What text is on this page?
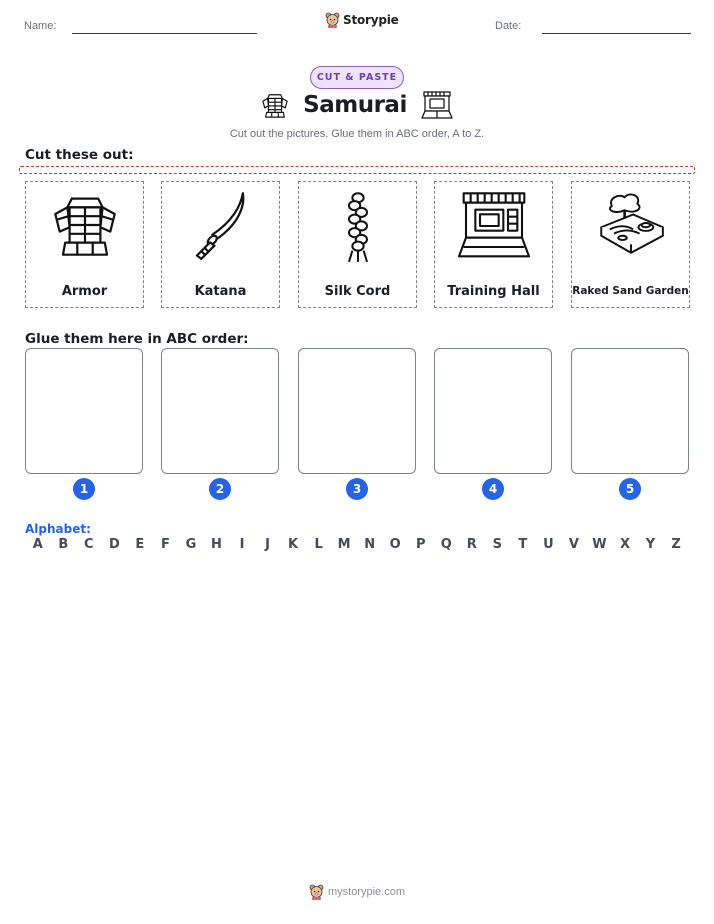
Name:	Storypie	Date:
CUT & PASTE
Samurai
Cut out the pictures. Glue them in ABC order, A to Z.
Cut these out:
Armor	Katana	Silk Cord	Training Hall	Raked Sand Garden
Glue them here in ABC order:
1	2	3	4	5
Alphabet:
A	B	C	D	E	F	G	H	I	J	K	L	M	N	O	P	Q	R	S	T	U	V	W	X	Y	Z
mystorypie.com
